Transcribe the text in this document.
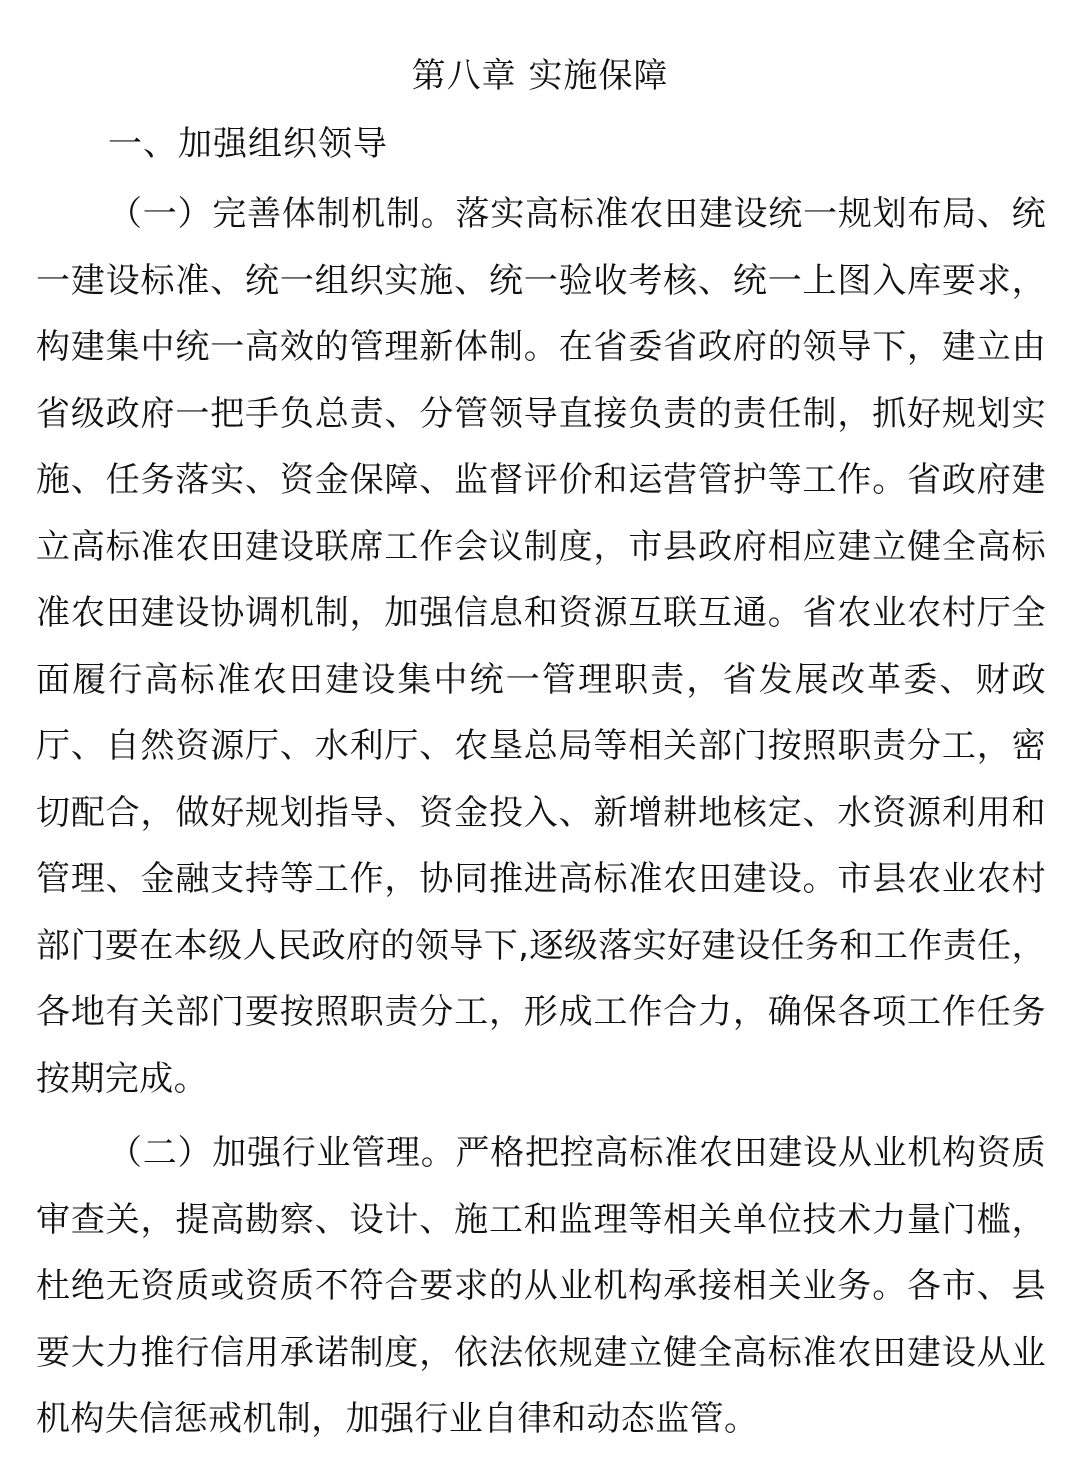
第八章 实施保障
一、加强组织领导

（一）完善体制机制。落实高标准农田建设统一规划布局、统一建设标准、统一组织实施、统一验收考核、统一上图入库要求，构建集中统一高效的管理新体制。在省委省政府的领导下，建立由省级政府一把手负总责、分管领导直接负责的责任制，抓好规划实施、任务落实、资金保障、监督评价和运营管护等工作。省政府建立高标准农田建设联席工作会议制度，市县政府相应建立健全高标准农田建设协调机制，加强信息和资源互联互通。省农业农村厅全面履行高标准农田建设集中统一管理职责，省发展改革委、财政厅、自然资源厅、水利厅、农垦总局等相关部门按照职责分工，密切配合，做好规划指导、资金投入、新增耕地核定、水资源利用和管理、金融支持等工作，协同推进高标准农田建设。市县农业农村部门要在本级人民政府的领导下,逐级落实好建设任务和工作责任，各地有关部门要按照职责分工，形成工作合力，确保各项工作任务按期完成。

（二）加强行业管理。严格把控高标准农田建设从业机构资质审查关，提高勘察、设计、施工和监理等相关单位技术力量门槛，杜绝无资质或资质不符合要求的从业机构承接相关业务。各市、县要大力推行信用承诺制度，依法依规建立健全高标准农田建设从业机构失信惩戒机制，加强行业自律和动态监管。
